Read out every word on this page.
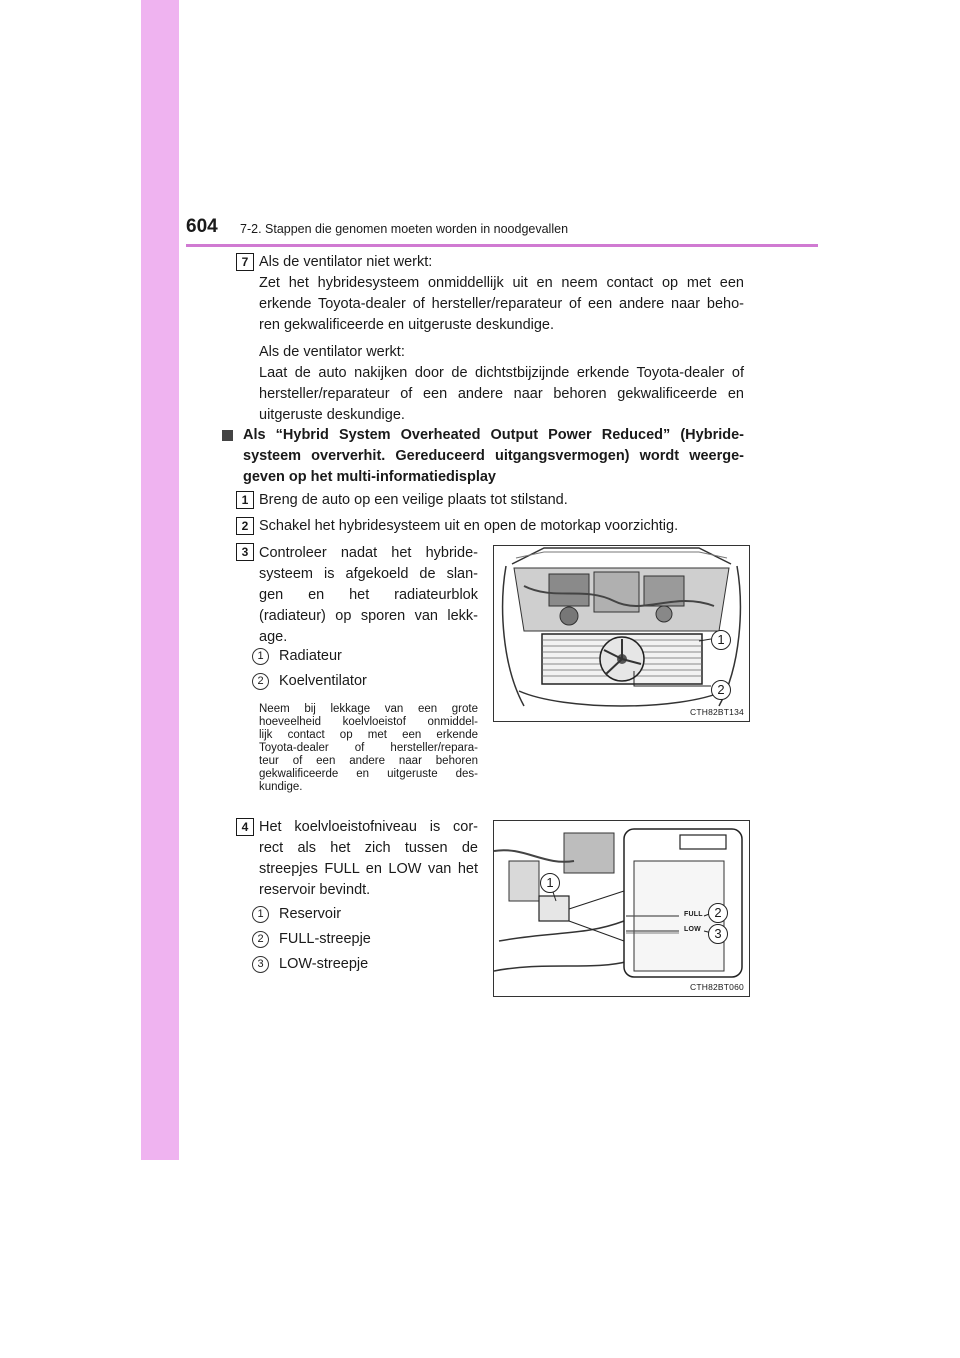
604 7-2. Stappen die genomen moeten worden in noodgevallen
7 Als de ventilator niet werkt:
Zet het hybridesysteem onmiddellijk uit en neem contact op met een
erkende Toyota-dealer of hersteller/reparateur of een andere naar beho-
ren gekwalificeerde en uitgeruste deskundige.
Als de ventilator werkt:
Laat de auto nakijken door de dichtstbijzijnde erkende Toyota-dealer of
hersteller/reparateur of een andere naar behoren gekwalificeerde en
uitgeruste deskundige.
Als “Hybrid System Overheated Output Power Reduced” (Hybride-
systeem oververhit. Gereduceerd uitgangsvermogen) wordt weerge-
geven op het multi-informatiedisplay
1 Breng de auto op een veilige plaats tot stilstand.
2 Schakel het hybridesysteem uit en open de motorkap voorzichtig.
3 Controleer nadat het hybride-
systeem is afgekoeld de slan-
gen en het radiateurblok
(radiateur) op sporen van lekk-
age.
1	Radiateur
2	Koelventilator
Neem bij lekkage van een grote
hoeveelheid koelvloeistof onmiddel-
lijk contact op met een erkende
Toyota-dealer of hersteller/repara-
teur of een andere naar behoren
gekwalificeerde en uitgeruste des-
kundige.
1
2
CTH82BT134
4 Het koelvloeistofniveau is cor-
rect als het zich tussen de
streepjes FULL en LOW van het
reservoir bevindt.
1	Reservoir
2	FULL-streepje
3	LOW-streepje
FULL
LOW
1
2
3
CTH82BT060
